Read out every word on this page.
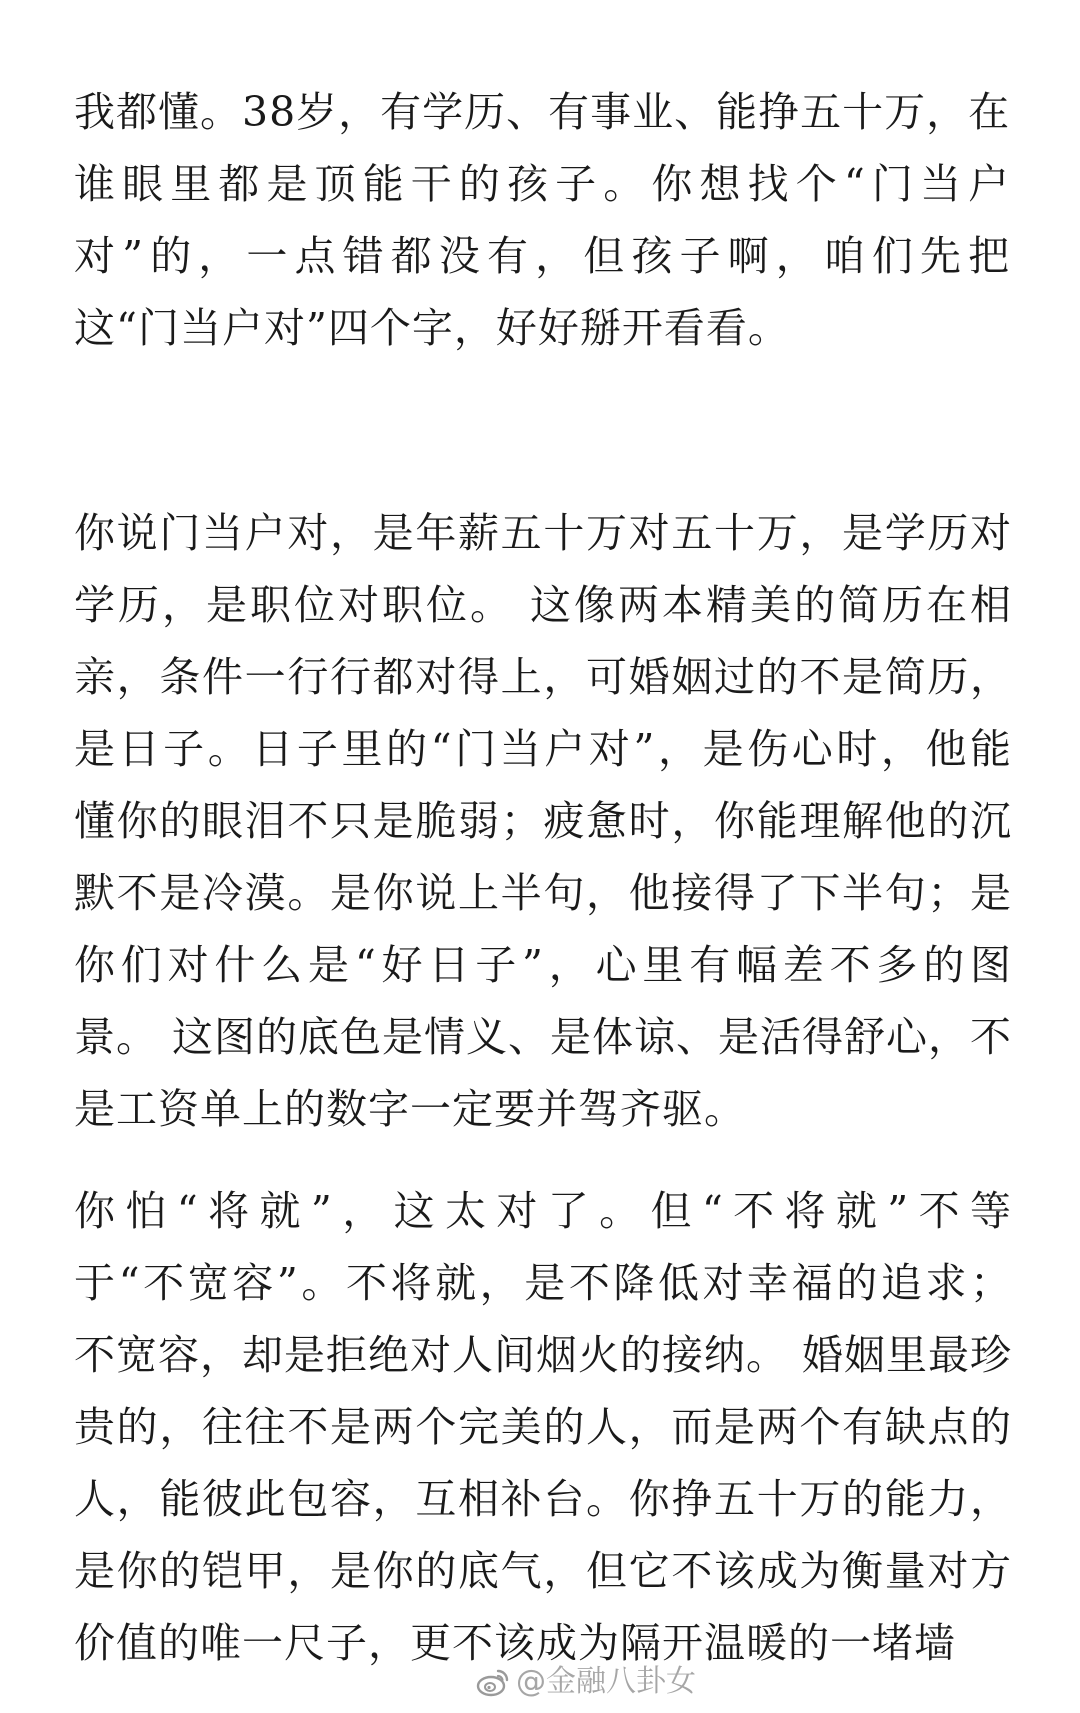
我都懂。38岁，有学历、有事业、能挣五十万，在
谁眼里都是顶能干的孩子。你想找个“门当户
对”的，一点错都没有，但孩子啊，咱们先把
这“门当户对”四个字，好好掰开看看。
你说门当户对，是年薪五十万对五十万，是学历对
学历，是职位对职位。 这像两本精美的简历在相
亲，条件一行行都对得上，可婚姻过的不是简历，
是日子。日子里的“门当户对”，是伤心时，他能
懂你的眼泪不只是脆弱；疲惫时，你能理解他的沉
默不是冷漠。是你说上半句，他接得了下半句；是
你们对什么是“好日子”，心里有幅差不多的图
景。 这图的底色是情义、是体谅、是活得舒心，不
是工资单上的数字一定要并驾齐驱。
你怕“将就”，这太对了。但“不将就”不等
于“不宽容”。不将就，是不降低对幸福的追求；
不宽容，却是拒绝对人间烟火的接纳。 婚姻里最珍
贵的，往往不是两个完美的人，而是两个有缺点的
人，能彼此包容，互相补台。你挣五十万的能力，
是你的铠甲，是你的底气，但它不该成为衡量对方
价值的唯一尺子，更不该成为隔开温暖的一堵墙
@金融八卦女
